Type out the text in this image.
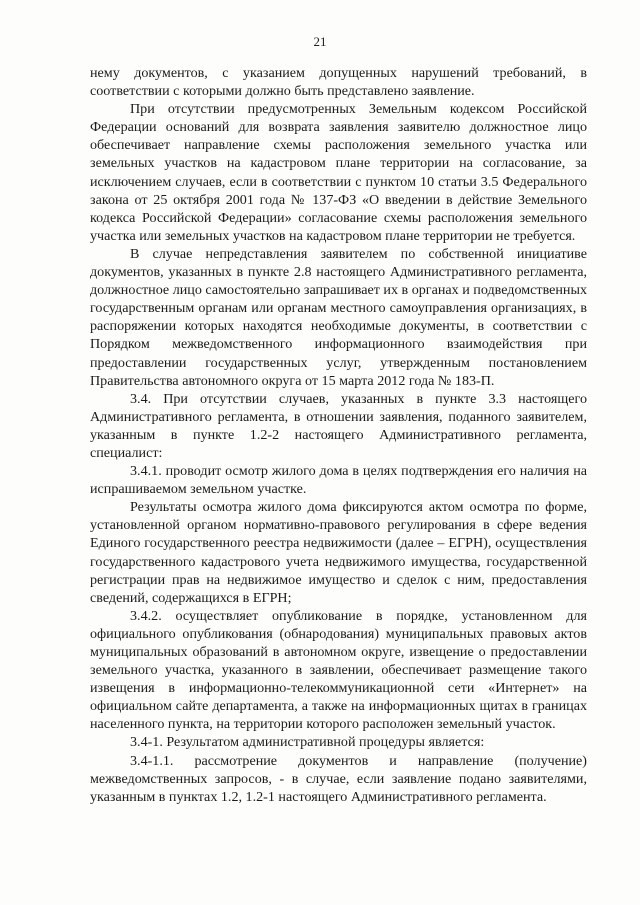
21

нему документов, с указанием допущенных нарушений требований, в соответствии с которыми должно быть представлено заявление.

При отсутствии предусмотренных Земельным кодексом Российской Федерации оснований для возврата заявления заявителю должностное лицо обеспечивает направление схемы расположения земельного участка или земельных участков на кадастровом плане территории на согласование, за исключением случаев, если в соответствии с пунктом 10 статьи 3.5 Федерального закона от 25 октября 2001 года № 137-ФЗ «О введении в действие Земельного кодекса Российской Федерации» согласование схемы расположения земельного участка или земельных участков на кадастровом плане территории не требуется.

В случае непредставления заявителем по собственной инициативе документов, указанных в пункте 2.8 настоящего Административного регламента, должностное лицо самостоятельно запрашивает их в органах и подведомственных государственным органам или органам местного самоуправления организациях, в распоряжении которых находятся необходимые документы, в соответствии с Порядком межведомственного информационного взаимодействия при предоставлении государственных услуг, утвержденным постановлением Правительства автономного округа от 15 марта 2012 года № 183-П.

3.4. При отсутствии случаев, указанных в пункте 3.3 настоящего Административного регламента, в отношении заявления, поданного заявителем, указанным в пункте 1.2-2 настоящего Административного регламента, специалист:

3.4.1. проводит осмотр жилого дома в целях подтверждения его наличия на испрашиваемом земельном участке.

Результаты осмотра жилого дома фиксируются актом осмотра по форме, установленной органом нормативно-правового регулирования в сфере ведения Единого государственного реестра недвижимости (далее – ЕГРН), осуществления государственного кадастрового учета недвижимого имущества, государственной регистрации прав на недвижимое имущество и сделок с ним, предоставления сведений, содержащихся в ЕГРН;

3.4.2. осуществляет опубликование в порядке, установленном для официального опубликования (обнародования) муниципальных правовых актов муниципальных образований в автономном округе, извещение о предоставлении земельного участка, указанного в заявлении, обеспечивает размещение такого извещения в информационно-телекоммуникационной сети «Интернет» на официальном сайте департамента, а также на информационных щитах в границах населенного пункта, на территории которого расположен земельный участок.

3.4-1. Результатом административной процедуры является:

3.4-1.1. рассмотрение документов и направление (получение) межведомственных запросов, - в случае, если заявление подано заявителями, указанным в пунктах 1.2, 1.2-1 настоящего Административного регламента.
